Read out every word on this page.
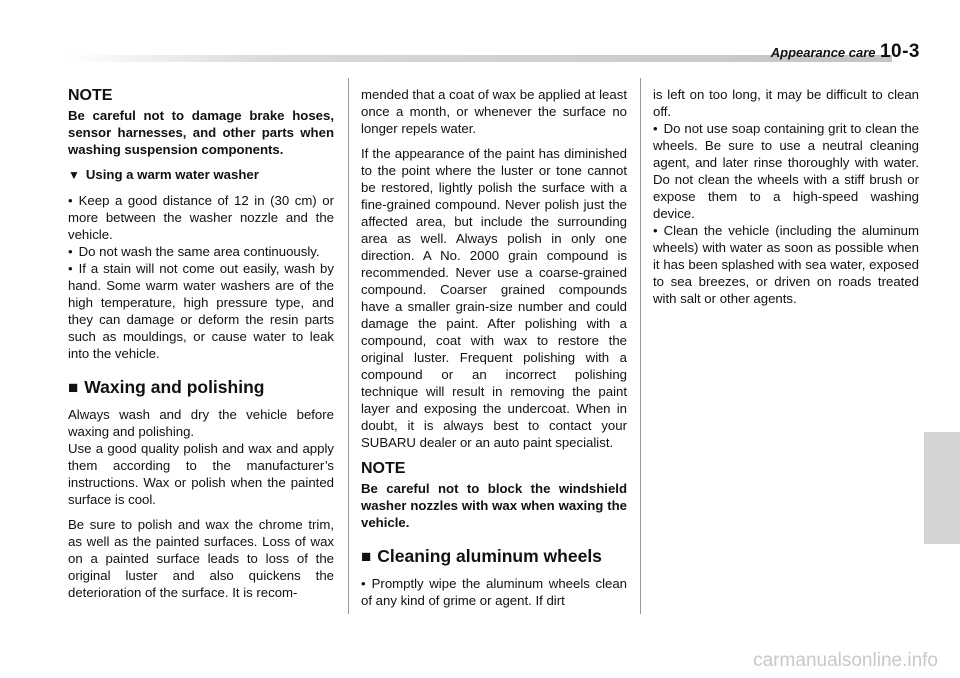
Appearance care 10-3
NOTE

Be careful not to damage brake hoses, sensor harnesses, and other parts when washing suspension components.

▼ Using a warm water washer

• Keep a good distance of 12 in (30 cm) or more between the washer nozzle and the vehicle.

• Do not wash the same area continuously.

• If a stain will not come out easily, wash by hand. Some warm water washers are of the high temperature, high pressure type, and they can damage or deform the resin parts such as mouldings, or cause water to leak into the vehicle.

■ Waxing and polishing

Always wash and dry the vehicle before waxing and polishing.

Use a good quality polish and wax and apply them according to the manufacturer’s instructions. Wax or polish when the painted surface is cool.

Be sure to polish and wax the chrome trim, as well as the painted surfaces. Loss of wax on a painted surface leads to loss of the original luster and also quickens the deterioration of the surface. It is recom-

mended that a coat of wax be applied at least once a month, or whenever the surface no longer repels water.

If the appearance of the paint has diminished to the point where the luster or tone cannot be restored, lightly polish the surface with a fine-grained compound. Never polish just the affected area, but include the surrounding area as well. Always polish in only one direction. A No. 2000 grain compound is recommended. Never use a coarse-grained compound. Coarser grained compounds have a smaller grain-size number and could damage the paint. After polishing with a compound, coat with wax to restore the original luster. Frequent polishing with a compound or an incorrect polishing technique will result in removing the paint layer and exposing the undercoat. When in doubt, it is always best to contact your SUBARU dealer or an auto paint specialist.

NOTE

Be careful not to block the windshield washer nozzles with wax when waxing the vehicle.

■ Cleaning aluminum wheels

• Promptly wipe the aluminum wheels clean of any kind of grime or agent. If dirt

is left on too long, it may be difficult to clean off.

• Do not use soap containing grit to clean the wheels. Be sure to use a neutral cleaning agent, and later rinse thoroughly with water. Do not clean the wheels with a stiff brush or expose them to a high-speed washing device.

• Clean the vehicle (including the aluminum wheels) with water as soon as possible when it has been splashed with sea water, exposed to sea breezes, or driven on roads treated with salt or other agents.

carmanualsonline.info
